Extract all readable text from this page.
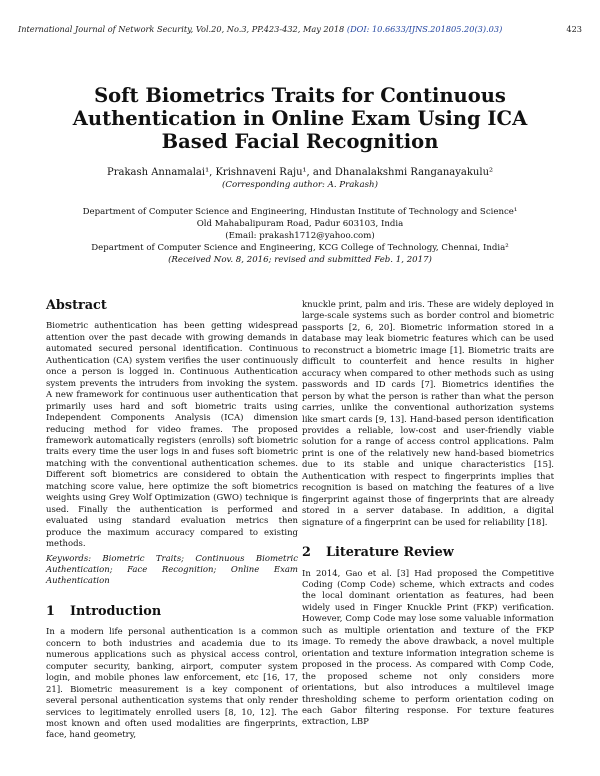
International Journal of Network Security, Vol.20, No.3, PP.423-432, May 2018 (DOI: 10.6633/IJNS.201805.20(3).03)	423
Soft Biometrics Traits for Continuous Authentication in Online Exam Using ICA Based Facial Recognition
Prakash Annamalai¹, Krishnaveni Raju¹, and Dhanalakshmi Ranganayakulu²
(Corresponding author: A. Prakash)
Department of Computer Science and Engineering, Hindustan Institute of Technology and Science¹
Old Mahabalipuram Road, Padur 603103, India
(Email: prakash1712@yahoo.com)
Department of Computer Science and Engineering, KCG College of Technology, Chennai, India²
(Received Nov. 8, 2016; revised and submitted Feb. 1, 2017)
Abstract

Biometric authentication has been getting widespread attention over the past decade with growing demands in automated secured personal identification. Continuous Authentication (CA) system verifies the user continuously once a person is logged in. Continuous Authentication system prevents the intruders from invoking the system. A new framework for continuous user authentication that primarily uses hard and soft biometric traits using Independent Components Analysis (ICA) dimension reducing method for video frames. The proposed framework automatically registers (enrolls) soft biometric traits every time the user logs in and fuses soft biometric matching with the conventional authentication schemes. Different soft biometrics are considered to obtain the matching score value, here optimize the soft biometrics weights using Grey Wolf Optimization (GWO) technique is used. Finally the authentication is performed and evaluated using standard evaluation metrics then produce the maximum accuracy compared to existing methods.

Keywords: Biometric Traits; Continuous Biometric Authentication; Face Recognition; Online Exam Authentication

1 Introduction

In a modern life personal authentication is a common concern to both industries and academia due to its numerous applications such as physical access control, computer security, banking, airport, computer system login, and mobile phones law enforcement, etc [16, 17, 21]. Biometric measurement is a key component of several personal authentication systems that only render services to legitimately enrolled users [8, 10, 12]. The most known and often used modalities are fingerprints, face, hand geometry,

knuckle print, palm and iris. These are widely deployed in large-scale systems such as border control and biometric passports [2, 6, 20]. Biometric information stored in a database may leak biometric features which can be used to reconstruct a biometric image [1]. Biometric traits are difficult to counterfeit and hence results in higher accuracy when compared to other methods such as using passwords and ID cards [7]. Biometrics identifies the person by what the person is rather than what the person carries, unlike the conventional authorization systems like smart cards [9, 13]. Hand-based person identification provides a reliable, low-cost and user-friendly viable solution for a range of access control applications. Palm print is one of the relatively new hand-based biometrics due to its stable and unique characteristics [15]. Authentication with respect to fingerprints implies that recognition is based on matching the features of a live fingerprint against those of fingerprints that are already stored in a server database. In addition, a digital signature of a fingerprint can be used for reliability [18].

2 Literature Review

In 2014, Gao et al. [3] Had proposed the Competitive Coding (Comp Code) scheme, which extracts and codes the local dominant orientation as features, had been widely used in Finger Knuckle Print (FKP) verification. However, Comp Code may lose some valuable information such as multiple orientation and texture of the FKP image. To remedy the above drawback, a novel multiple orientation and texture information integration scheme is proposed in the process. As compared with Comp Code, the proposed scheme not only considers more orientations, but also introduces a multilevel image thresholding scheme to perform orientation coding on each Gabor filtering response. For texture features extraction, LBP
